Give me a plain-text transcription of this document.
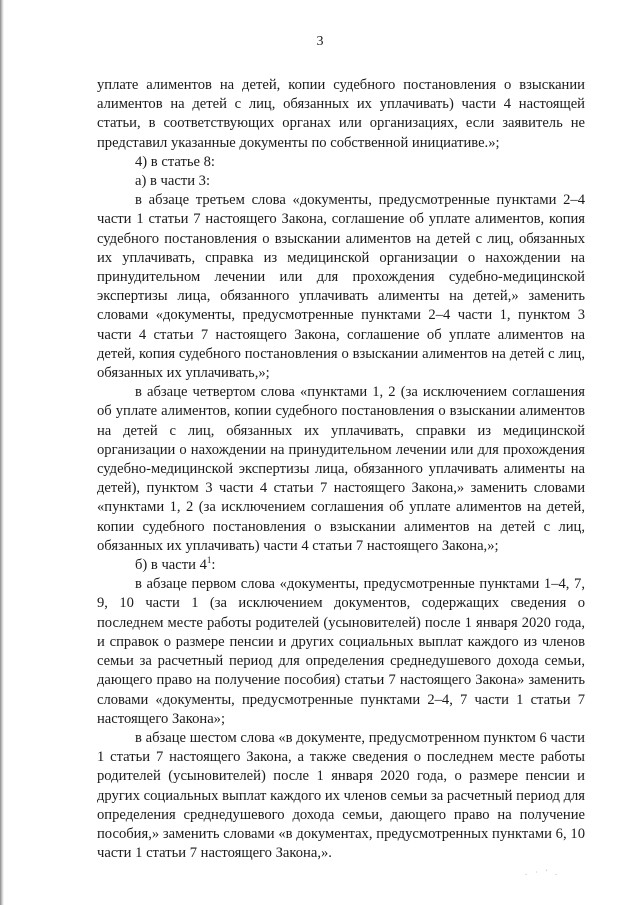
3

уплате алиментов на детей, копии судебного постановления о взыскании алиментов на детей с лиц, обязанных их уплачивать) части 4 настоящей статьи, в соответствующих органах или организациях, если заявитель не представил указанные документы по собственной инициативе.»;

4) в статье 8:

а) в части 3:

в абзаце третьем слова «документы, предусмотренные пунктами 2–4 части 1 статьи 7 настоящего Закона, соглашение об уплате алиментов, копия судебного постановления о взыскании алиментов на детей с лиц, обязанных их уплачивать, справка из медицинской организации о нахождении на принудительном лечении или для прохождения судебно-медицинской экспертизы лица, обязанного уплачивать алименты на детей,» заменить словами «документы, предусмотренные пунктами 2–4 части 1, пунктом 3 части 4 статьи 7 настоящего Закона, соглашение об уплате алиментов на детей, копия судебного постановления о взыскании алиментов на детей с лиц, обязанных их уплачивать,»;

в абзаце четвертом слова «пунктами 1, 2 (за исключением соглашения об уплате алиментов, копии судебного постановления о взыскании алиментов на детей с лиц, обязанных их уплачивать, справки из медицинской организации о нахождении на принудительном лечении или для прохождения судебно-медицинской экспертизы лица, обязанного уплачивать алименты на детей), пунктом 3 части 4 статьи 7 настоящего Закона,» заменить словами «пунктами 1, 2 (за исключением соглашения об уплате алиментов на детей, копии судебного постановления о взыскании алиментов на детей с лиц, обязанных их уплачивать) части 4 статьи 7 настоящего Закона,»;

б) в части $4^1$:

в абзаце первом слова «документы, предусмотренные пунктами 1–4, 7, 9, 10 части 1 (за исключением документов, содержащих сведения о последнем месте работы родителей (усыновителей) после 1 января 2020 года, и справок о размере пенсии и других социальных выплат каждого из членов семьи за расчетный период для определения среднедушевого дохода семьи, дающего право на получение пособия) статьи 7 настоящего Закона» заменить словами «документы, предусмотренные пунктами 2–4, 7 части 1 статьи 7 настоящего Закона»;

в абзаце шестом слова «в документе, предусмотренном пунктом 6 части 1 статьи 7 настоящего Закона, а также сведения о последнем месте работы родителей (усыновителей) после 1 января 2020 года, о размере пенсии и других социальных выплат каждого их членов семьи за расчетный период для определения среднедушевого дохода семьи, дающего право на получение пособия,» заменить словами «в документах, предусмотренных пунктами 6, 10 части 1 статьи 7 настоящего Закона,».

. · ' .
